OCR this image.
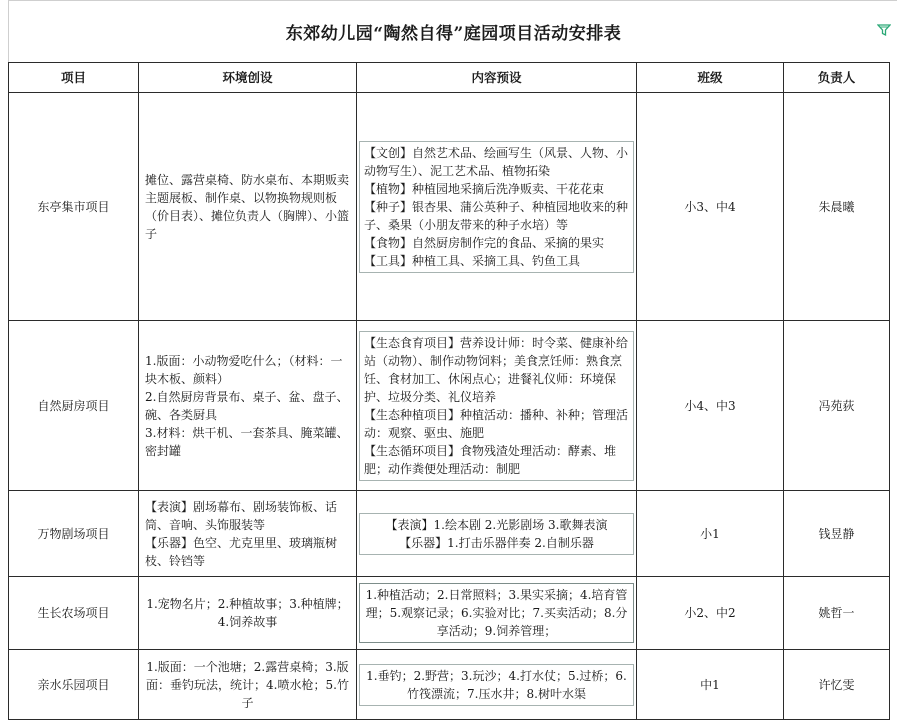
东郊幼儿园“陶然自得”庭园项目活动安排表
项目	环境创设	内容预设	班级	负责人
东亭集市项目	摊位、露营桌椅、防水桌布、本期贩卖主题展板、制作桌、以物换物规则板（价目表）、摊位负责人（胸牌）、小篮子	【文创】自然艺术品、绘画写生（风景、人物、小动物写生）、泥工艺术品、植物拓染
【植物】种植园地采摘后洗净贩卖、干花花束
【种子】银杏果、蒲公英种子、种植园地收来的种子、桑果（小朋友带来的种子水培）等
【食物】自然厨房制作完的食品、采摘的果实
【工具】种植工具、采摘工具、钓鱼工具	小3、中4	朱晨曦
自然厨房项目	1.版面：小动物爱吃什么；（材料：一块木板、颜料）
2.自然厨房背景布、桌子、盆、盘子、碗、各类厨具
3.材料：烘干机、一套茶具、腌菜罐、密封罐	【生态食育项目】营养设计师：时令菜、健康补给站（动物）、制作动物饲料；美食烹饪师：熟食烹饪、食材加工、休闲点心；进餐礼仪师：环境保护、垃圾分类、礼仪培养
【生态种植项目】种植活动：播种、补种；管理活动：观察、驱虫、施肥
【生态循环项目】食物残渣处理活动：酵素、堆肥；动作粪便处理活动：制肥	小4、中3	冯苑荻
万物剧场项目	【表演】剧场幕布、剧场装饰板、话筒、音响、头饰服装等
【乐器】色空、尤克里里、玻璃瓶树枝、铃铛等	【表演】1.绘本剧 2.光影剧场 3.歌舞表演
【乐器】1.打击乐器伴奏 2.自制乐器	小1	钱昱静
生长农场项目	1.宠物名片；2.种植故事；3.种植牌；4.饲养故事	1.种植活动；2.日常照料；3.果实采摘；4.培育管理；5.观察记录；6.实验对比；7.买卖活动；8.分享活动；9.饲养管理；	小2、中2	姚哲一
亲水乐园项目	1.版面：一个池塘；2.露营桌椅；3.版面：垂钓玩法，统计；4.喷水枪；5.竹子	1.垂钓；2.野营；3.玩沙；4.打水仗；5.过桥；6.竹筏漂流；7.压水井；8.树叶水渠	中1	许忆雯
